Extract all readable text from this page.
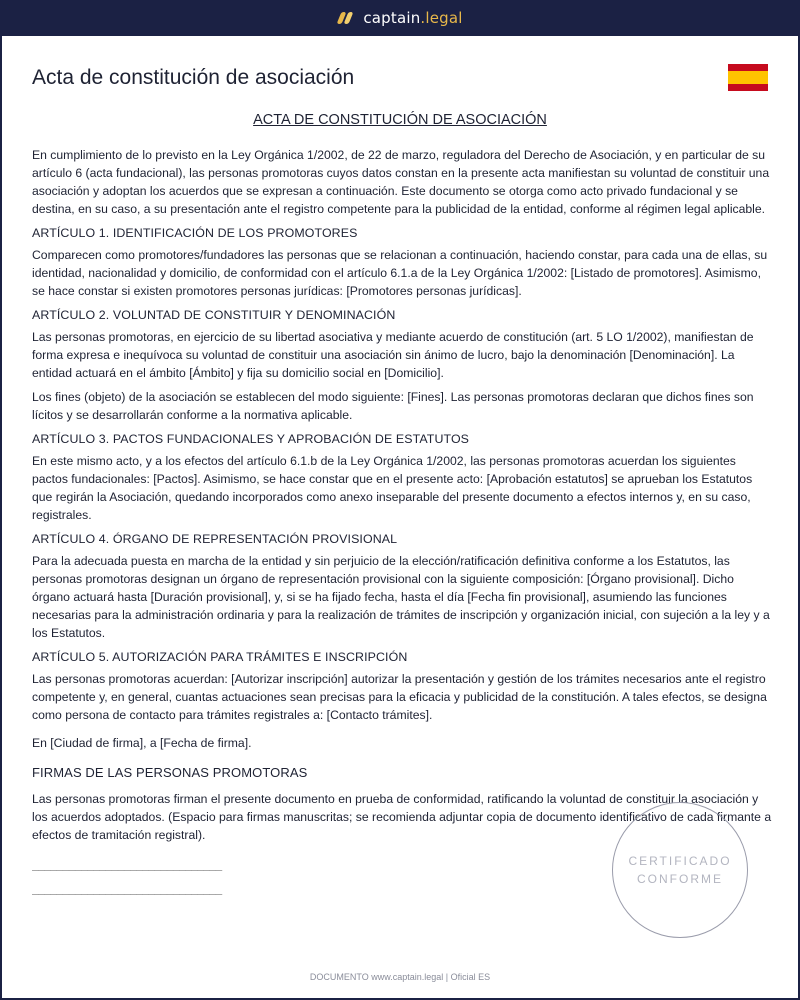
captain.legal
Acta de constitución de asociación
ACTA DE CONSTITUCIÓN DE ASOCIACIÓN

En cumplimiento de lo previsto en la Ley Orgánica 1/2002, de 22 de marzo, reguladora del Derecho de Asociación, y en particular de su artículo 6 (acta fundacional), las personas promotoras cuyos datos constan en la presente acta manifiestan su voluntad de constituir una asociación y adoptan los acuerdos que se expresan a continuación. Este documento se otorga como acto privado fundacional y se destina, en su caso, a su presentación ante el registro competente para la publicidad de la entidad, conforme al régimen legal aplicable.

ARTÍCULO 1. IDENTIFICACIÓN DE LOS PROMOTORES

Comparecen como promotores/fundadores las personas que se relacionan a continuación, haciendo constar, para cada una de ellas, su identidad, nacionalidad y domicilio, de conformidad con el artículo 6.1.a de la Ley Orgánica 1/2002: [Listado de promotores]. Asimismo, se hace constar si existen promotores personas jurídicas: [Promotores personas jurídicas].

ARTÍCULO 2. VOLUNTAD DE CONSTITUIR Y DENOMINACIÓN

Las personas promotoras, en ejercicio de su libertad asociativa y mediante acuerdo de constitución (art. 5 LO 1/2002), manifiestan de forma expresa e inequívoca su voluntad de constituir una asociación sin ánimo de lucro, bajo la denominación [Denominación]. La entidad actuará en el ámbito [Ámbito] y fija su domicilio social en [Domicilio].

Los fines (objeto) de la asociación se establecen del modo siguiente: [Fines]. Las personas promotoras declaran que dichos fines son lícitos y se desarrollarán conforme a la normativa aplicable.

ARTÍCULO 3. PACTOS FUNDACIONALES Y APROBACIÓN DE ESTATUTOS

En este mismo acto, y a los efectos del artículo 6.1.b de la Ley Orgánica 1/2002, las personas promotoras acuerdan los siguientes pactos fundacionales: [Pactos]. Asimismo, se hace constar que en el presente acto: [Aprobación estatutos] se aprueban los Estatutos que regirán la Asociación, quedando incorporados como anexo inseparable del presente documento a efectos internos y, en su caso, registrales.

ARTÍCULO 4. ÓRGANO DE REPRESENTACIÓN PROVISIONAL

Para la adecuada puesta en marcha de la entidad y sin perjuicio de la elección/ratificación definitiva conforme a los Estatutos, las personas promotoras designan un órgano de representación provisional con la siguiente composición: [Órgano provisional]. Dicho órgano actuará hasta [Duración provisional], y, si se ha fijado fecha, hasta el día [Fecha fin provisional], asumiendo las funciones necesarias para la administración ordinaria y para la realización de trámites de inscripción y organización inicial, con sujeción a la ley y a los Estatutos.

ARTÍCULO 5. AUTORIZACIÓN PARA TRÁMITES E INSCRIPCIÓN

Las personas promotoras acuerdan: [Autorizar inscripción] autorizar la presentación y gestión de los trámites necesarios ante el registro competente y, en general, cuantas actuaciones sean precisas para la eficacia y publicidad de la constitución. A tales efectos, se designa como persona de contacto para trámites registrales a: [Contacto trámites].

En [Ciudad de firma], a [Fecha de firma].

FIRMAS DE LAS PERSONAS PROMOTORAS

Las personas promotoras firman el presente documento en prueba de conformidad, ratificando la voluntad de constituir la asociación y los acuerdos adoptados. (Espacio para firmas manuscritas; se recomienda adjuntar copia de documento identificativo de cada firmante a efectos de tramitación registral).

_______________________________
_______________________________
CERTIFICADO
CONFORME
DOCUMENTO www.captain.legal | Oficial ES
